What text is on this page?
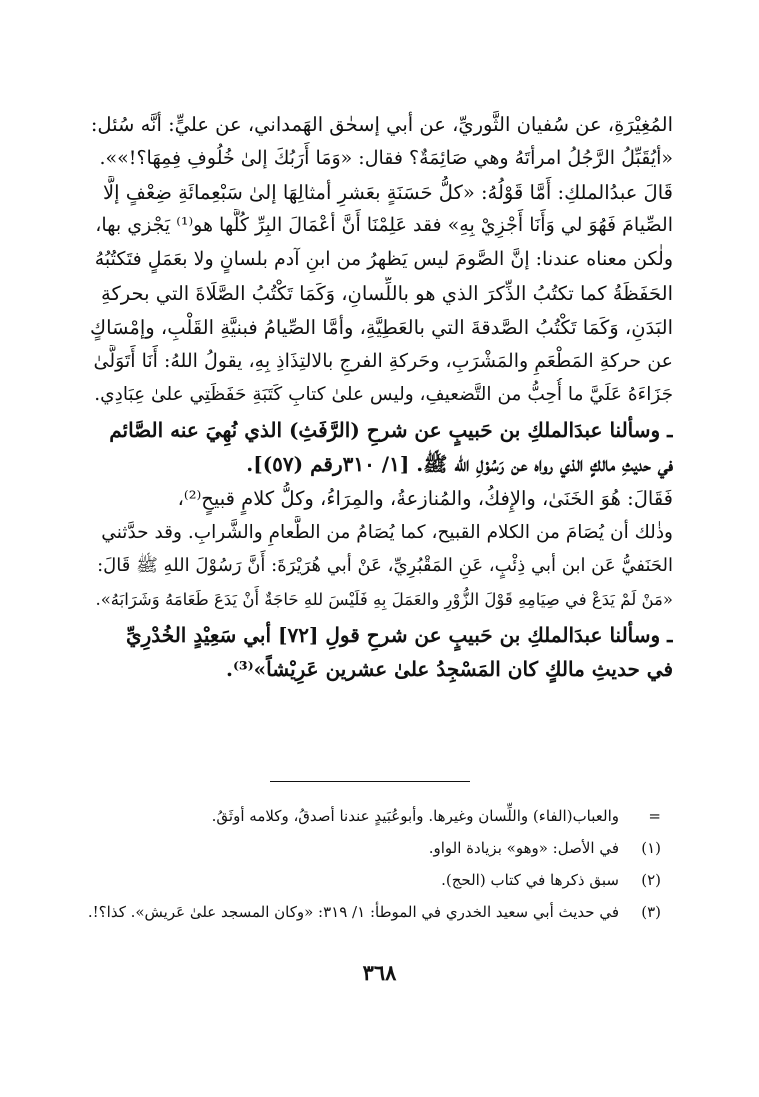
المُغِيْرَةِ، عن سُفيان الثَّوريِّ، عن أبي إسحٰق الهَمداني، عن عليٍّ: أنَّه سُئل:
«أيُقَبِّلُ الرَّجُلُ امرأتَهُ وهي صَائِمَةٌ؟ فقال: «وَمَا أَرَبُكَ إلىٰ خُلُوفِ فِمِهَا؟!»».
قَالَ عبدُالملكِ: أَمَّا قَوْلُهُ: «كلُّ حَسَنَةٍ بعَشرِ أمثالِهَا إلىٰ سَبْعِمائَةِ ضِعْفٍ إلَّا
الصِّيامَ فَهُوَ لي وَأَنَا أَجْزِيْ بِهِ» فقد عَلِمْنَا أَنَّ أعْمَالَ البِرِّ كُلَّها هو⁽¹⁾ يَجْزي بها،
ولٰكن معناه عندنا: إنَّ الصَّومَ ليس يَظهرُ من ابنِ آدم بلسانٍ ولا بعَمَلٍ فتَكتُبُهُ
الحَفَظَةُ كما تكتُبُ الذِّكرَ الذي هو باللِّسانِ، وَكَمَا تَكْتُبُ الصَّلَاةَ التي بحركةِ
البَدَنِ، وَكَمَا تَكْتُبُ الصَّدقةَ التي بالعَطِيَّةِ، وأمَّا الصِّيامُ فبنيَّةِ القَلْبِ، وإمْسَاكٍ
عن حركةِ المَطْعَمِ والمَشْرَبِ، وحَركةِ الفرجِ بالالتِذَاذِ بِهِ، يقولُ اللهُ: أَنَا أَتَوَلَّىٰ
جَزَاءَهُ عَلَيَّ ما أُحِبُّ من التَّضعيفِ، وليس علىٰ كتابِ كَتَبَةِ حَفَظَتِي علىٰ عِبَادِي.
ـ وسألنا عبدَالملكِ بن حَبيبٍ عن شرحِ (الرَّفَثِ) الذي نُهِيَ عنه الصَّائم
في حديثِ مالكٍ الذي رواه عن رَسُوْلِ الله ﷺ. [١/ ٣١٠رقم (٥٧)].
فَقَالَ: هُوَ الخَنَىٰ، والإِفكُ، والمُنازعةُ، والمِرَاءُ، وكلُّ كلامٍ قبيحٍ⁽²⁾،
وذٰلك أن يُصَامَ من الكلام القبيح، كما يُصَامُ من الطَّعامِ والشَّرابِ. وقد حدَّثني
الحَنَفيُّ عَن ابن أبي ذِئْبٍ، عَنِ المَقْبُرِيِّ، عَنْ أبي هُرَيْرَةَ: أَنَّ رَسُوْلَ اللهِ ﷺ قَالَ:
«مَنْ لَمْ يَدَعْ في صِيَامِهِ قَوْلَ الزُّوْرِ والعَمَلَ بِهِ فَلَيْسَ للهِ حَاجَةٌ أَنْ يَدَعَ طَعَامَهُ وَشَرَابَهُ».
ـ وسألنا عبدَالملكِ بن حَبيبٍ عن شرحِ قولِ [٧٢] أبي سَعِيْدٍ الخُدْرِيِّ
في حديثِ مالكٍ كان المَسْجِدُ علىٰ عشرين عَرِيْشاً»⁽³⁾.
=
والعباب(الفاء) واللِّسان وغيرها. وأبوعُبَيدٍ عندنا أصدقُ، وكلامه أوثَقُ.
(١)
في الأصل: «وهو» بزيادة الواو.
(٢)
سبق ذكرها في كتاب (الحج).
(٣)
في حديث أبي سعيد الخدري في الموطأ: ١/ ٣١٩: «وكان المسجد علىٰ عَريش». كذا؟!.
٣٦٨
